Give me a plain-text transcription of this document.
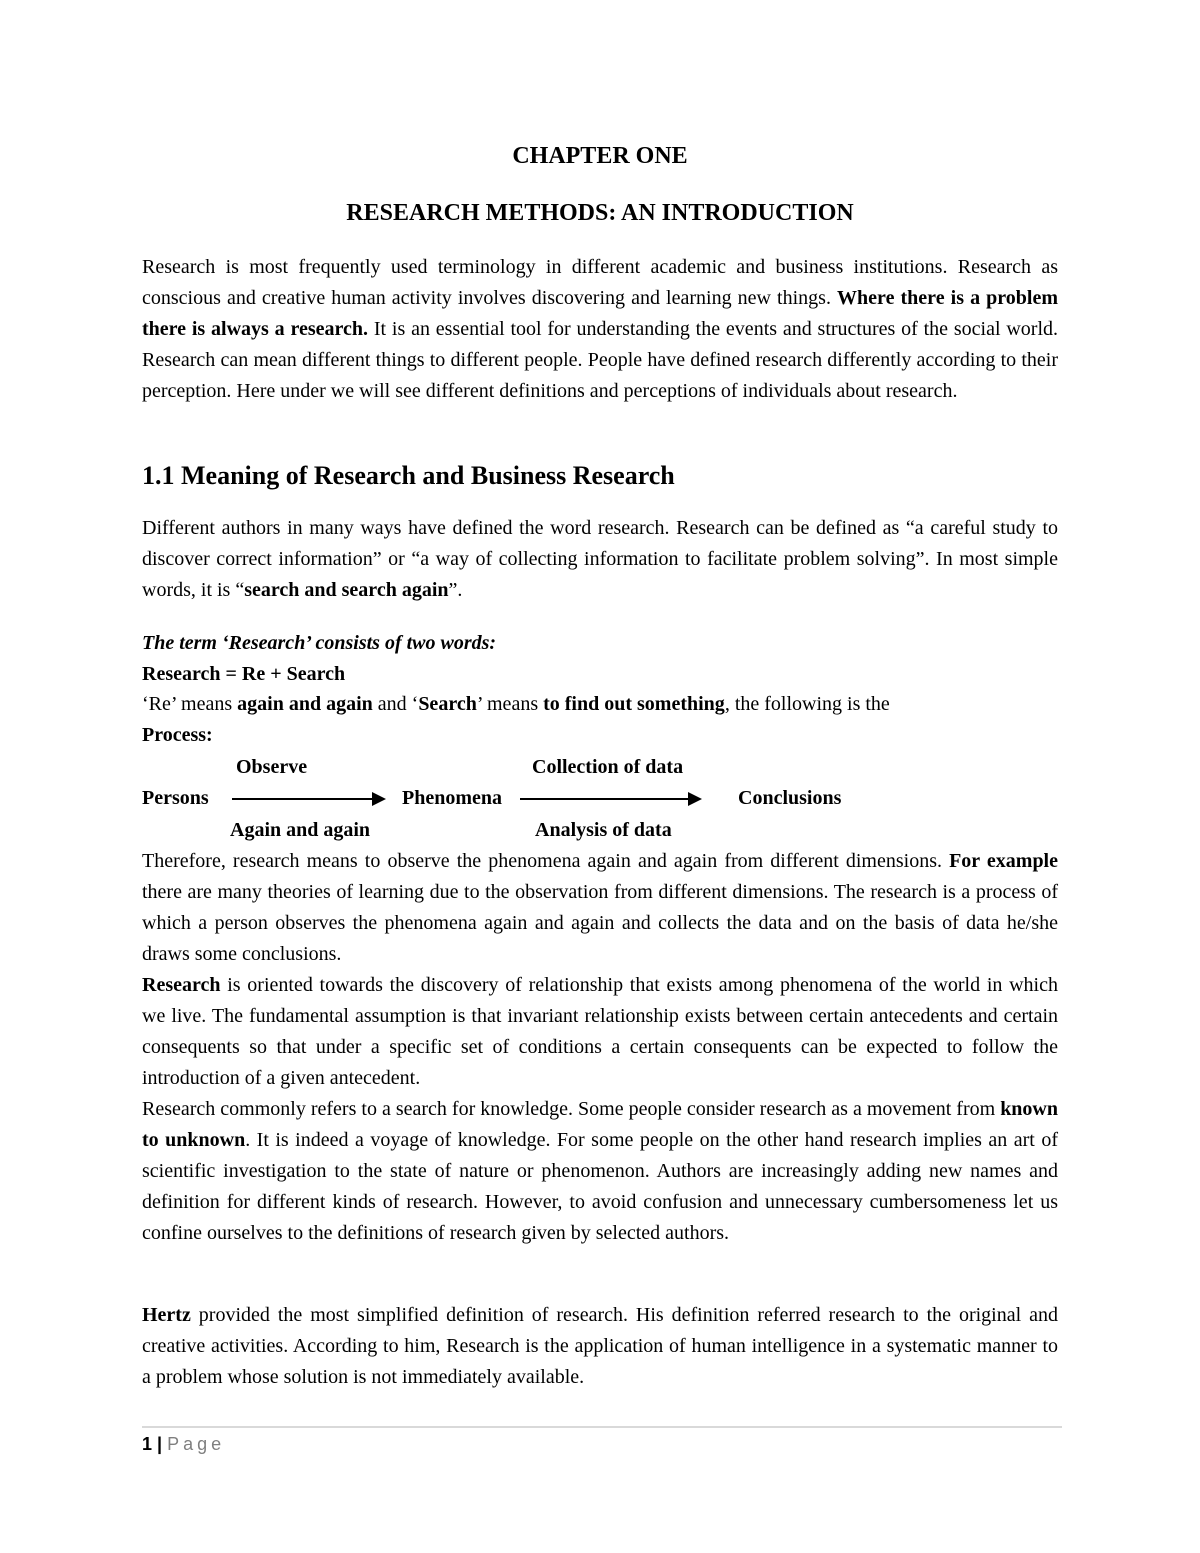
CHAPTER ONE
RESEARCH METHODS: AN INTRODUCTION

Research is most frequently used terminology in different academic and business institutions. Research as conscious and creative human activity involves discovering and learning new things. Where there is a problem there is always a research. It is an essential tool for understanding the events and structures of the social world. Research can mean different things to different people. People have defined research differently according to their perception. Here under we will see different definitions and perceptions of individuals about research.

1.1 Meaning of Research and Business Research

Different authors in many ways have defined the word research. Research can be defined as “a careful study to discover correct information” or “a way of collecting information to facilitate problem solving”. In most simple words, it is “search and search again”.

The term ‘Research’ consists of two words:

Research = Re + Search

‘Re’ means again and again and ‘Search’ means to find out something, the following is the

Process:

Observe	Collection of data
Persons	Phenomena	Conclusions
Again and again	Analysis of data

Therefore, research means to observe the phenomena again and again from different dimensions. For example there are many theories of learning due to the observation from different dimensions. The research is a process of which a person observes the phenomena again and again and collects the data and on the basis of data he/she draws some conclusions.

Research is oriented towards the discovery of relationship that exists among phenomena of the world in which we live. The fundamental assumption is that invariant relationship exists between certain antecedents and certain consequents so that under a specific set of conditions a certain consequents can be expected to follow the introduction of a given antecedent.

Research commonly refers to a search for knowledge. Some people consider research as a movement from known to unknown. It is indeed a voyage of knowledge. For some people on the other hand research implies an art of scientific investigation to the state of nature or phenomenon. Authors are increasingly adding new names and definition for different kinds of research. However, to avoid confusion and unnecessary cumbersomeness let us confine ourselves to the definitions of research given by selected authors.

Hertz provided the most simplified definition of research. His definition referred research to the original and creative activities. According to him, Research is the application of human intelligence in a systematic manner to a problem whose solution is not immediately available.

1 | Page
